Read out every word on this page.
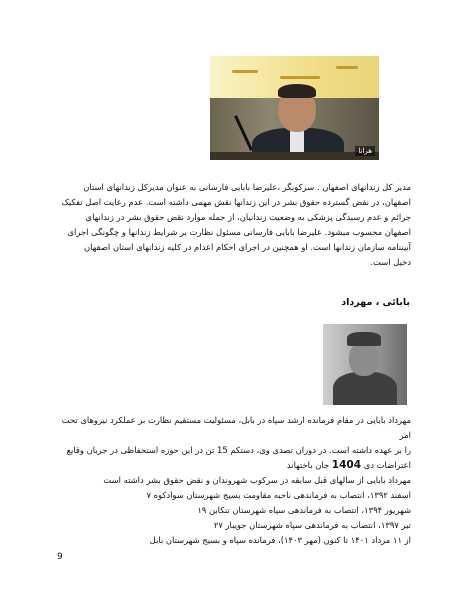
هرانا
مدیر کل زندانهای اصفهان . سرکوبگر ،علیرضا بابایی فارسانی به عنوان مدیرکل زندانهای استان
اصفهان، در نقض گسترده حقوق بشر در این زندانها نقش مهمی داشته است. عدم رعایت اصل تفکیک
جرائم و عدم رسیدگی پزشکی به وضعیت زندانیان، از جمله موارد نقض حقوق بشر در زندانهای
اصفهان محسوب میشود. علیرضا بابایی فارسانی مسئول نظارت بر شرایط زندانها و چگونگی اجرای
آییننامه سازمان زندانها است. او همچنین در اجرای احکام اعدام در کلیه زندانهای استان اصفهان
دخیل است.
بابائی ، مهرداد
مهرداد بابایی در مقام فرمانده ارشد سپاه در بابل، مسئولیت مستقیم نظارت بر عملکرد نیروهای تحت امر
را بر عهده داشته است. در دوران تصدی وی، دستکم 15 تن در این حوزه استحفاظی در جریان وقایع
اعتراضات دی 1404 جان باختهاند
مهرداد بابایی از سالهای قبل سابقه در سرکوب شهروندان و نقض حقوق بشر داشته است
اسفند ۱۳۹۲، انتصاب به فرماندهی ناحیه مقاومت بسیج شهرستان سوادکوه ۷
شهریور ۱۳۹۴، انتصاب به فرماندهی سپاه شهرستان تنکابن ۱۹
تیر ۱۳۹۷، انتصاب به فرماندهی سپاه شهرستان جویبار ۲۷
از ۱۱ مرداد ۱۴۰۱ تا کنون (مهر ۱۴۰۳)، فرمانده سپاه و بسیج شهرستان بابل
9
